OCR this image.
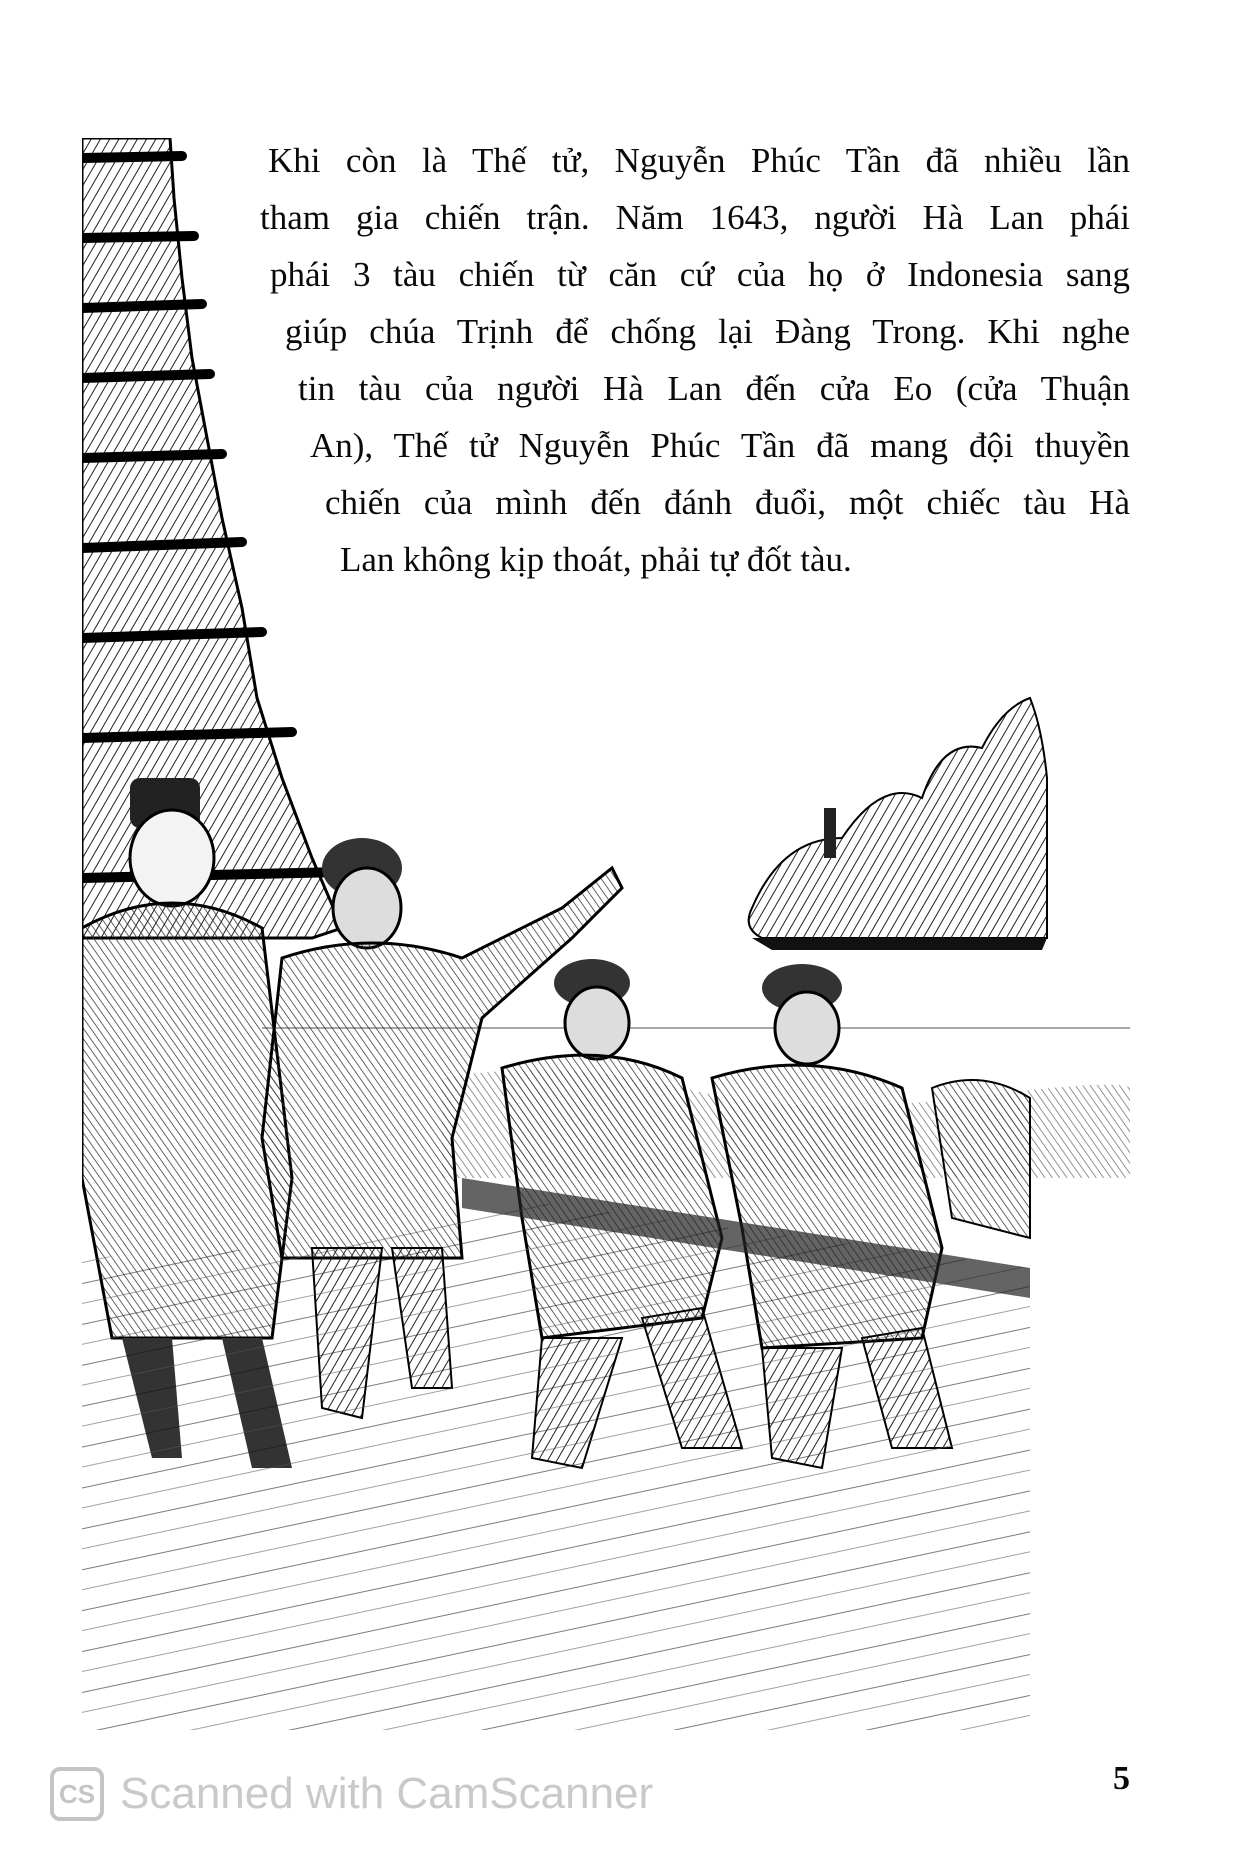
Khi còn là Thế tử, Nguyễn Phúc Tần đã nhiều lần
tham gia chiến trận. Năm 1643, người Hà Lan phái
phái 3 tàu chiến từ căn cứ của họ ở Indonesia sang
giúp chúa Trịnh để chống lại Đàng Trong. Khi nghe
tin tàu của người Hà Lan đến cửa Eo (cửa Thuận
An), Thế tử Nguyễn Phúc Tần đã mang đội thuyền
chiến của mình đến đánh đuổi, một chiếc tàu Hà
Lan không kịp thoát, phải tự đốt tàu.
CS Scanned with CamScanner	5
